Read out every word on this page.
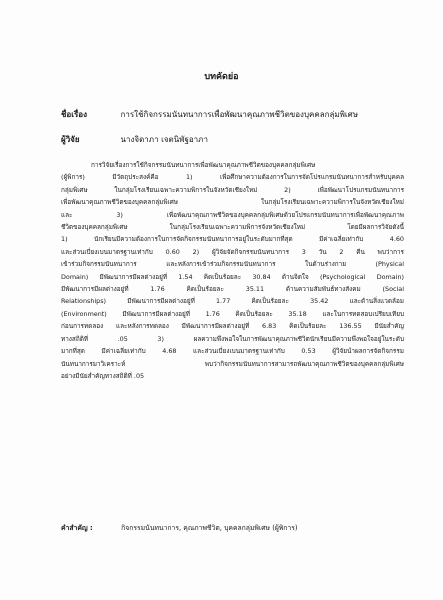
บทคัดย่อ
ชื่อเรื่อง	การใช้กิจกรรมนันทนาการเพื่อพัฒนาคุณภาพชีวิตของบุคคลกลุ่มพิเศษ
ผู้วิจัย	นางจิดาภา เจตนิพัฐอาภา

การวิจัยเรื่องการใช้กิจกรรมนันทนาการเพื่อพัฒนาคุณภาพชีวิตของบุคคลกลุ่มพิเศษ
(ผู้พิการ) มีวัตถุประสงค์คือ 1) เพื่อศึกษาความต้องการในการจัดโปรแกรมนันทนาการสำหรับบุคคล
กลุ่มพิเศษ ในกลุ่มโรงเรียนเฉพาะความพิการในจังหวัดเชียงใหม่ 2) เพื่อพัฒนาโปรแกรมนันทนาการ
เพื่อพัฒนาคุณภาพชีวิตของบุคคลกลุ่มพิเศษ ในกลุ่มโรงเรียนเฉพาะความพิการในจังหวัดเชียงใหม่
และ 3) เพื่อพัฒนาคุณภาพชีวิตของบุคคลกลุ่มพิเศษด้วยโปรแกรมนันทนาการเพื่อพัฒนาคุณภาพ
ชีวิตของบุคคลกลุ่มพิเศษ ในกลุ่มโรงเรียนเฉพาะความพิการจังหวัดเชียงใหม่ โดยมีผลการวิจัยดังนี้
1) นักเรียนมีความต้องการในการจัดกิจกรรมนันทนาการอยู่ในระดับมากที่สุด มีค่าเฉลี่ยเท่ากับ 4.60
และส่วนเบี่ยงเบนมาตรฐานเท่ากับ 0.60 2) ผู้วิจัยจัดกิจกรรมนันทนาการ 3 วัน 2 คืน พบว่าการ
เข้าร่วมกิจกรรมนันทนาการ และหลังการเข้าร่วมกิจกรรมนันทนาการ ในด้านร่างกาย (Physical
Domain) มีพัฒนาการมีผลต่างอยู่ที่ 1.54 คิดเป็นร้อยละ 30.84 ด้านจิตใจ (Psychological Domain)
มีพัฒนาการมีผลต่างอยู่ที่ 1.76 คิดเป็นร้อยละ 35.11 ด้านความสัมพันธ์ทางสังคม (Social
Relationships) มีพัฒนาการมีผลต่างอยู่ที่ 1.77 คิดเป็นร้อยละ 35.42 และด้านสิ่งแวดล้อม
(Environment) มีพัฒนาการมีผลต่างอยู่ที่ 1.76 คิดเป็นร้อยละ 35.18 และในการทดสอบเปรียบเทียบ
ก่อนการทดลอง และหลังการทดลอง มีพัฒนาการมีผลต่างอยู่ที่ 6.83 คิดเป็นร้อยละ 136.55 มีนัยสำคัญ
ทางสถิติที่ .05 3) ผลความพึงพอใจในการพัฒนาคุณภาพชีวิตนักเรียนมีความพึงพอใจอยู่ในระดับ
มากที่สุด มีค่าเฉลี่ยเท่ากับ 4.68 และส่วนเบี่ยงเบนมาตรฐานเท่ากับ 0.53 ผู้วิจัยนำผลการจัดกิจกรรม
นันทนาการมาวิเคราะห์ พบว่ากิจกรรมนันทนาการสามารถพัฒนาคุณภาพชีวิตของบุคคลกลุ่มพิเศษ
อย่างมีนัยสำคัญทางสถิติที่ .05

คำสำคัญ :	กิจกรรมนันทนาการ, คุณภาพชีวิต, บุคคลกลุ่มพิเศษ (ผู้พิการ)
